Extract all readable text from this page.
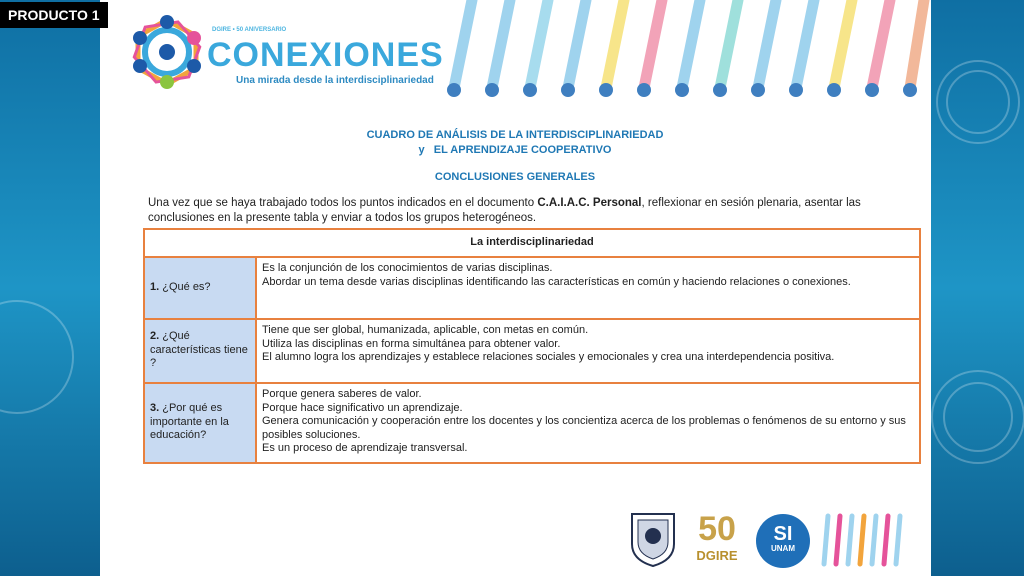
PRODUCTO 1
DGIRE • 50 ANIVERSARIO
CONEXIONES
Una mirada desde la interdisciplinariedad
CUADRO DE ANÁLISIS DE LA INTERDISCIPLINARIEDAD
y   EL APRENDIZAJE COOPERATIVO
CONCLUSIONES GENERALES
Una vez que se haya trabajado todos los puntos indicados en el documento C.A.I.A.C. Personal, reflexionar en sesión plenaria, asentar las conclusiones en la presente tabla y enviar a todos los grupos heterogéneos.
La interdisciplinariedad	
1. ¿Qué es?	Es la conjunción de los conocimientos de varias disciplinas.
Abordar un tema desde varias disciplinas identificando las características en común y haciendo relaciones o conexiones.

2. ¿Qué características tiene ?	Tiene que ser global, humanizada, aplicable, con metas en común.
Utiliza las disciplinas en forma simultánea para obtener valor.
El alumno logra los aprendizajes y establece relaciones sociales y emocionales y crea una interdependencia positiva.

3. ¿Por qué es importante en la educación?	Porque genera saberes de valor.
Porque hace significativo un aprendizaje.
Genera comunicación y cooperación entre los docentes y los concientiza acerca de los problemas o fenómenos de su entorno y sus posibles soluciones.
Es un proceso de aprendizaje transversal.
50
DGIRE
SI
UNAM
